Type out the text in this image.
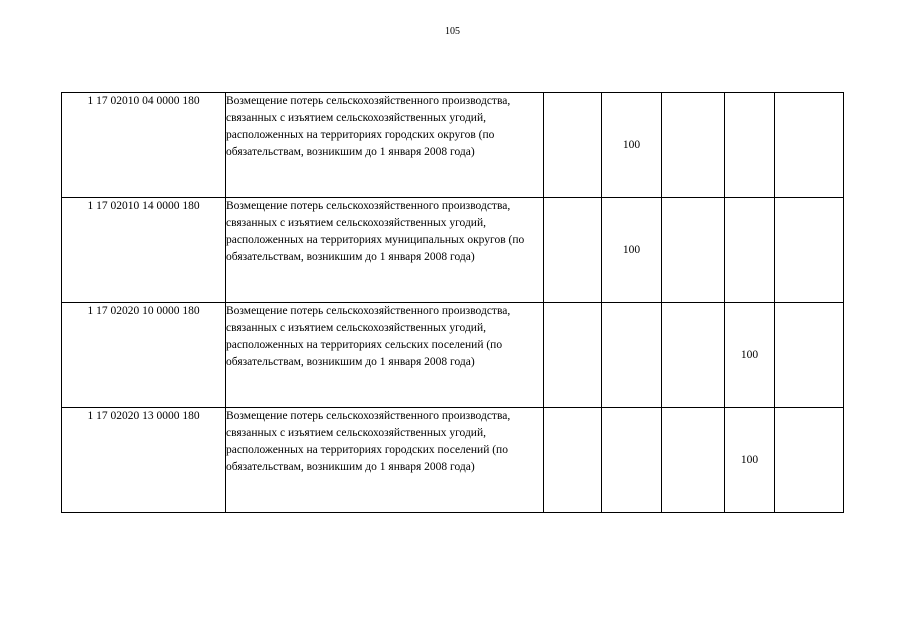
105
1 17 02010 04 0000 180	Возмещение потерь сельскохозяйственного производства, связанных с изъятием сельскохозяйственных угодий, расположенных на территориях городских округов (по обязательствам, возникшим до 1 января 2008 года)		100			
1 17 02010 14 0000 180	Возмещение потерь сельскохозяйственного производства, связанных с изъятием сельскохозяйственных угодий, расположенных на территориях муниципальных округов (по обязательствам, возникшим до 1 января 2008 года)		100			
1 17 02020 10 0000 180	Возмещение потерь сельскохозяйственного производства, связанных с изъятием сельскохозяйственных угодий, расположенных на территориях сельских поселений (по обязательствам, возникшим до 1 января 2008 года)				100	
1 17 02020 13 0000 180	Возмещение потерь сельскохозяйственного производства, связанных с изъятием сельскохозяйственных угодий, расположенных на территориях городских поселений (по обязательствам, возникшим до 1 января 2008 года)				100	
